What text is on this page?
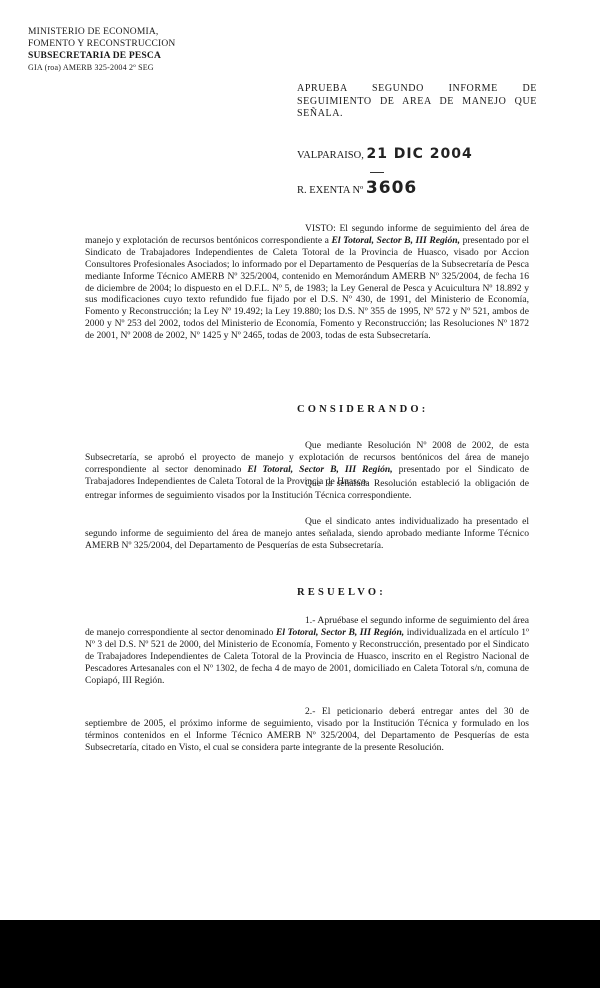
MINISTERIO DE ECONOMIA,
FOMENTO Y RECONSTRUCCION
SUBSECRETARIA DE PESCA
GIA (roa) AMERB 325-2004 2º SEG
APRUEBA SEGUNDO INFORME DE SEGUIMIENTO DE AREA DE MANEJO QUE SEÑALA.
VALPARAISO, 21 DIC 2004
R. EXENTA Nº 3606
VISTO: El segundo informe de seguimiento del área de manejo y explotación de recursos bentónicos correspondiente a El Totoral, Sector B, III Región, presentado por el Sindicato de Trabajadores Independientes de Caleta Totoral de la Provincia de Huasco, visado por Accion Consultores Profesionales Asociados; lo informado por el Departamento de Pesquerías de la Subsecretaría de Pesca mediante Informe Técnico AMERB Nº 325/2004, contenido en Memorándum AMERB Nº 325/2004, de fecha 16 de diciembre de 2004; lo dispuesto en el D.F.L. Nº 5, de 1983; la Ley General de Pesca y Acuicultura Nº 18.892 y sus modificaciones cuyo texto refundido fue fijado por el D.S. Nº 430, de 1991, del Ministerio de Economía, Fomento y Reconstrucción; la Ley Nº 19.492; la Ley 19.880; los D.S. Nº 355 de 1995, Nº 572 y Nº 521, ambos de 2000 y Nº 253 del 2002, todos del Ministerio de Economía, Fomento y Reconstrucción; las Resoluciones Nº 1872 de 2001, Nº 2008 de 2002, Nº 1425 y Nº 2465, todas de 2003, todas de esta Subsecretaría.
CONSIDERANDO:
Que mediante Resolución Nº 2008 de 2002, de esta Subsecretaría, se aprobó el proyecto de manejo y explotación de recursos bentónicos del área de manejo correspondiente al sector denominado El Totoral, Sector B, III Región, presentado por el Sindicato de Trabajadores Independientes de Caleta Totoral de la Provincia de Huasco.
Que la señalada Resolución estableció la obligación de entregar informes de seguimiento visados por la Institución Técnica correspondiente.
Que el sindicato antes individualizado ha presentado el segundo informe de seguimiento del área de manejo antes señalada, siendo aprobado mediante Informe Técnico AMERB Nº 325/2004, del Departamento de Pesquerías de esta Subsecretaría.
RESUELVO:
1.- Apruébase el segundo informe de seguimiento del área de manejo correspondiente al sector denominado El Totoral, Sector B, III Región, individualizada en el artículo 1º Nº 3 del D.S. Nº 521 de 2000, del Ministerio de Economía, Fomento y Reconstrucción, presentado por el Sindicato de Trabajadores Independientes de Caleta Totoral de la Provincia de Huasco, inscrito en el Registro Nacional de Pescadores Artesanales con el Nº 1302, de fecha 4 de mayo de 2001, domiciliado en Caleta Totoral s/n, comuna de Copiapó, III Región.
2.- El peticionario deberá entregar antes del 30 de septiembre de 2005, el próximo informe de seguimiento, visado por la Institución Técnica y formulado en los términos contenidos en el Informe Técnico AMERB Nº 325/2004, del Departamento de Pesquerías de esta Subsecretaría, citado en Visto, el cual se considera parte integrante de la presente Resolución.
